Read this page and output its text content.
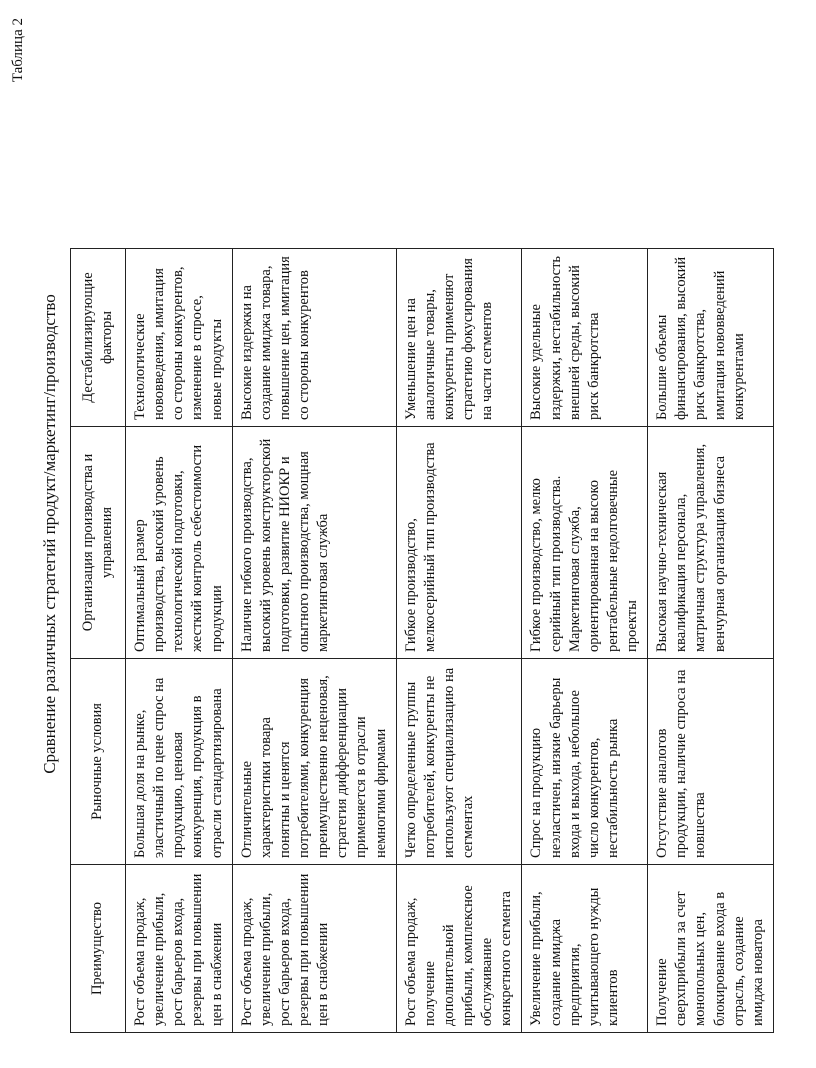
Таблица 2
Сравнение различных стратегий продукт/маркетинг/производство
Преимущество	Рыночные условия	Организация производства и управления	Дестабилизирующие факторы
Рост объема продаж, увеличение прибыли, рост барьеров входа, резервы при повышении цен в снабжении	Большая доля на рынке, эластичный по цене спрос на продукцию, ценовая конкуренция, продукция в отрасли стандартизирована	Оптимальный размер производства, высокий уровень технологической подготовки, жесткий контроль себестоимости продукции	Технологические нововведения, имитация со стороны конкурентов, изменение в спросе, новые продукты
Рост объема продаж, увеличение прибыли, рост барьеров входа, резервы при повышении цен в снабжении	Отличительные характеристики товара понятны и ценятся потребителями, конкуренция преимущественно неценовая, стратегия дифференциации применяется в отрасли немногими фирмами	Наличие гибкого производства, высокий уровень конструкторской подготовки, развитие НИОКР и опытного производства, мощная маркетинговая служба	Высокие издержки на создание имиджа товара, повышение цен, имитация со стороны конкурентов
Рост объема продаж, получение дополнительной прибыли, комплексное обслуживание конкретного сегмента	Четко определенные группы потребителей, конкуренты не используют специализацию на сегментах	Гибкое производство, мелкосерийный тип производства	Уменьшение цен на аналогичные товары, конкуренты применяют стратегию фокусирования на части сегментов
Увеличение прибыли, создание имиджа предприятия, учитывающего нужды клиентов	Спрос на продукцию неэластичен, низкие барьеры входа и выхода, небольшое число конкурентов, нестабильность рынка	Гибкое производство, мелко серийный тип производства. Маркетинговая служба, ориентированная на высоко рентабельные недолговечные проекты	Высокие удельные издержки, нестабильность внешней среды, высокий риск банкротства
Получение сверхприбыли за счет монопольных цен, блокирование входа в отрасль, создание имиджа новатора	Отсутствие аналогов продукции, наличие спроса на новшества	Высокая научно-техническая квалификация персонала, матричная структура управления, венчурная организация бизнеса	Большие объемы финансирования, высокий риск банкротства, имитация нововведений конкурентами
